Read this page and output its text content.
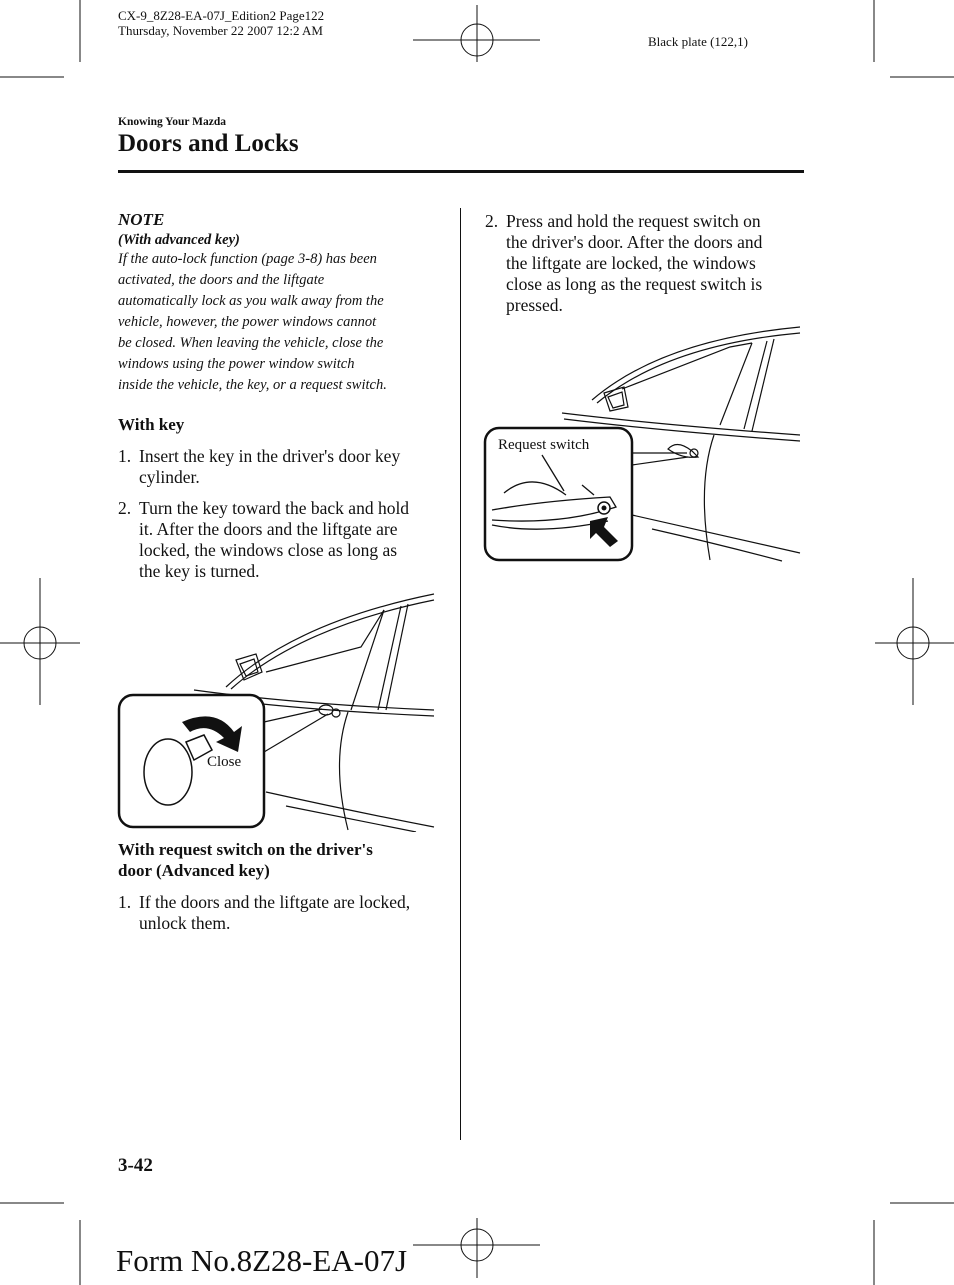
CX-9_8Z28-EA-07J_Edition2 Page122
Thursday, November 22 2007 12:2 AM
Black plate (122,1)
Knowing Your Mazda
Doors and Locks
NOTE
(With advanced key)
If the auto-lock function (page 3-8) has been
activated, the doors and the liftgate
automatically lock as you walk away from the
vehicle, however, the power windows cannot
be closed. When leaving the vehicle, close the
windows using the power window switch
inside the vehicle, the key, or a request switch.
With key
1. Insert the key in the driver's door key
cylinder.
2. Turn the key toward the back and hold
it. After the doors and the liftgate are
locked, the windows close as long as
the key is turned.
Close
With request switch on the driver's
door (Advanced key)
1. If the doors and the liftgate are locked,
unlock them.
2. Press and hold the request switch on
the driver's door. After the doors and
the liftgate are locked, the windows
close as long as the request switch is
pressed.
Request switch
3-42
Form No.8Z28-EA-07J
